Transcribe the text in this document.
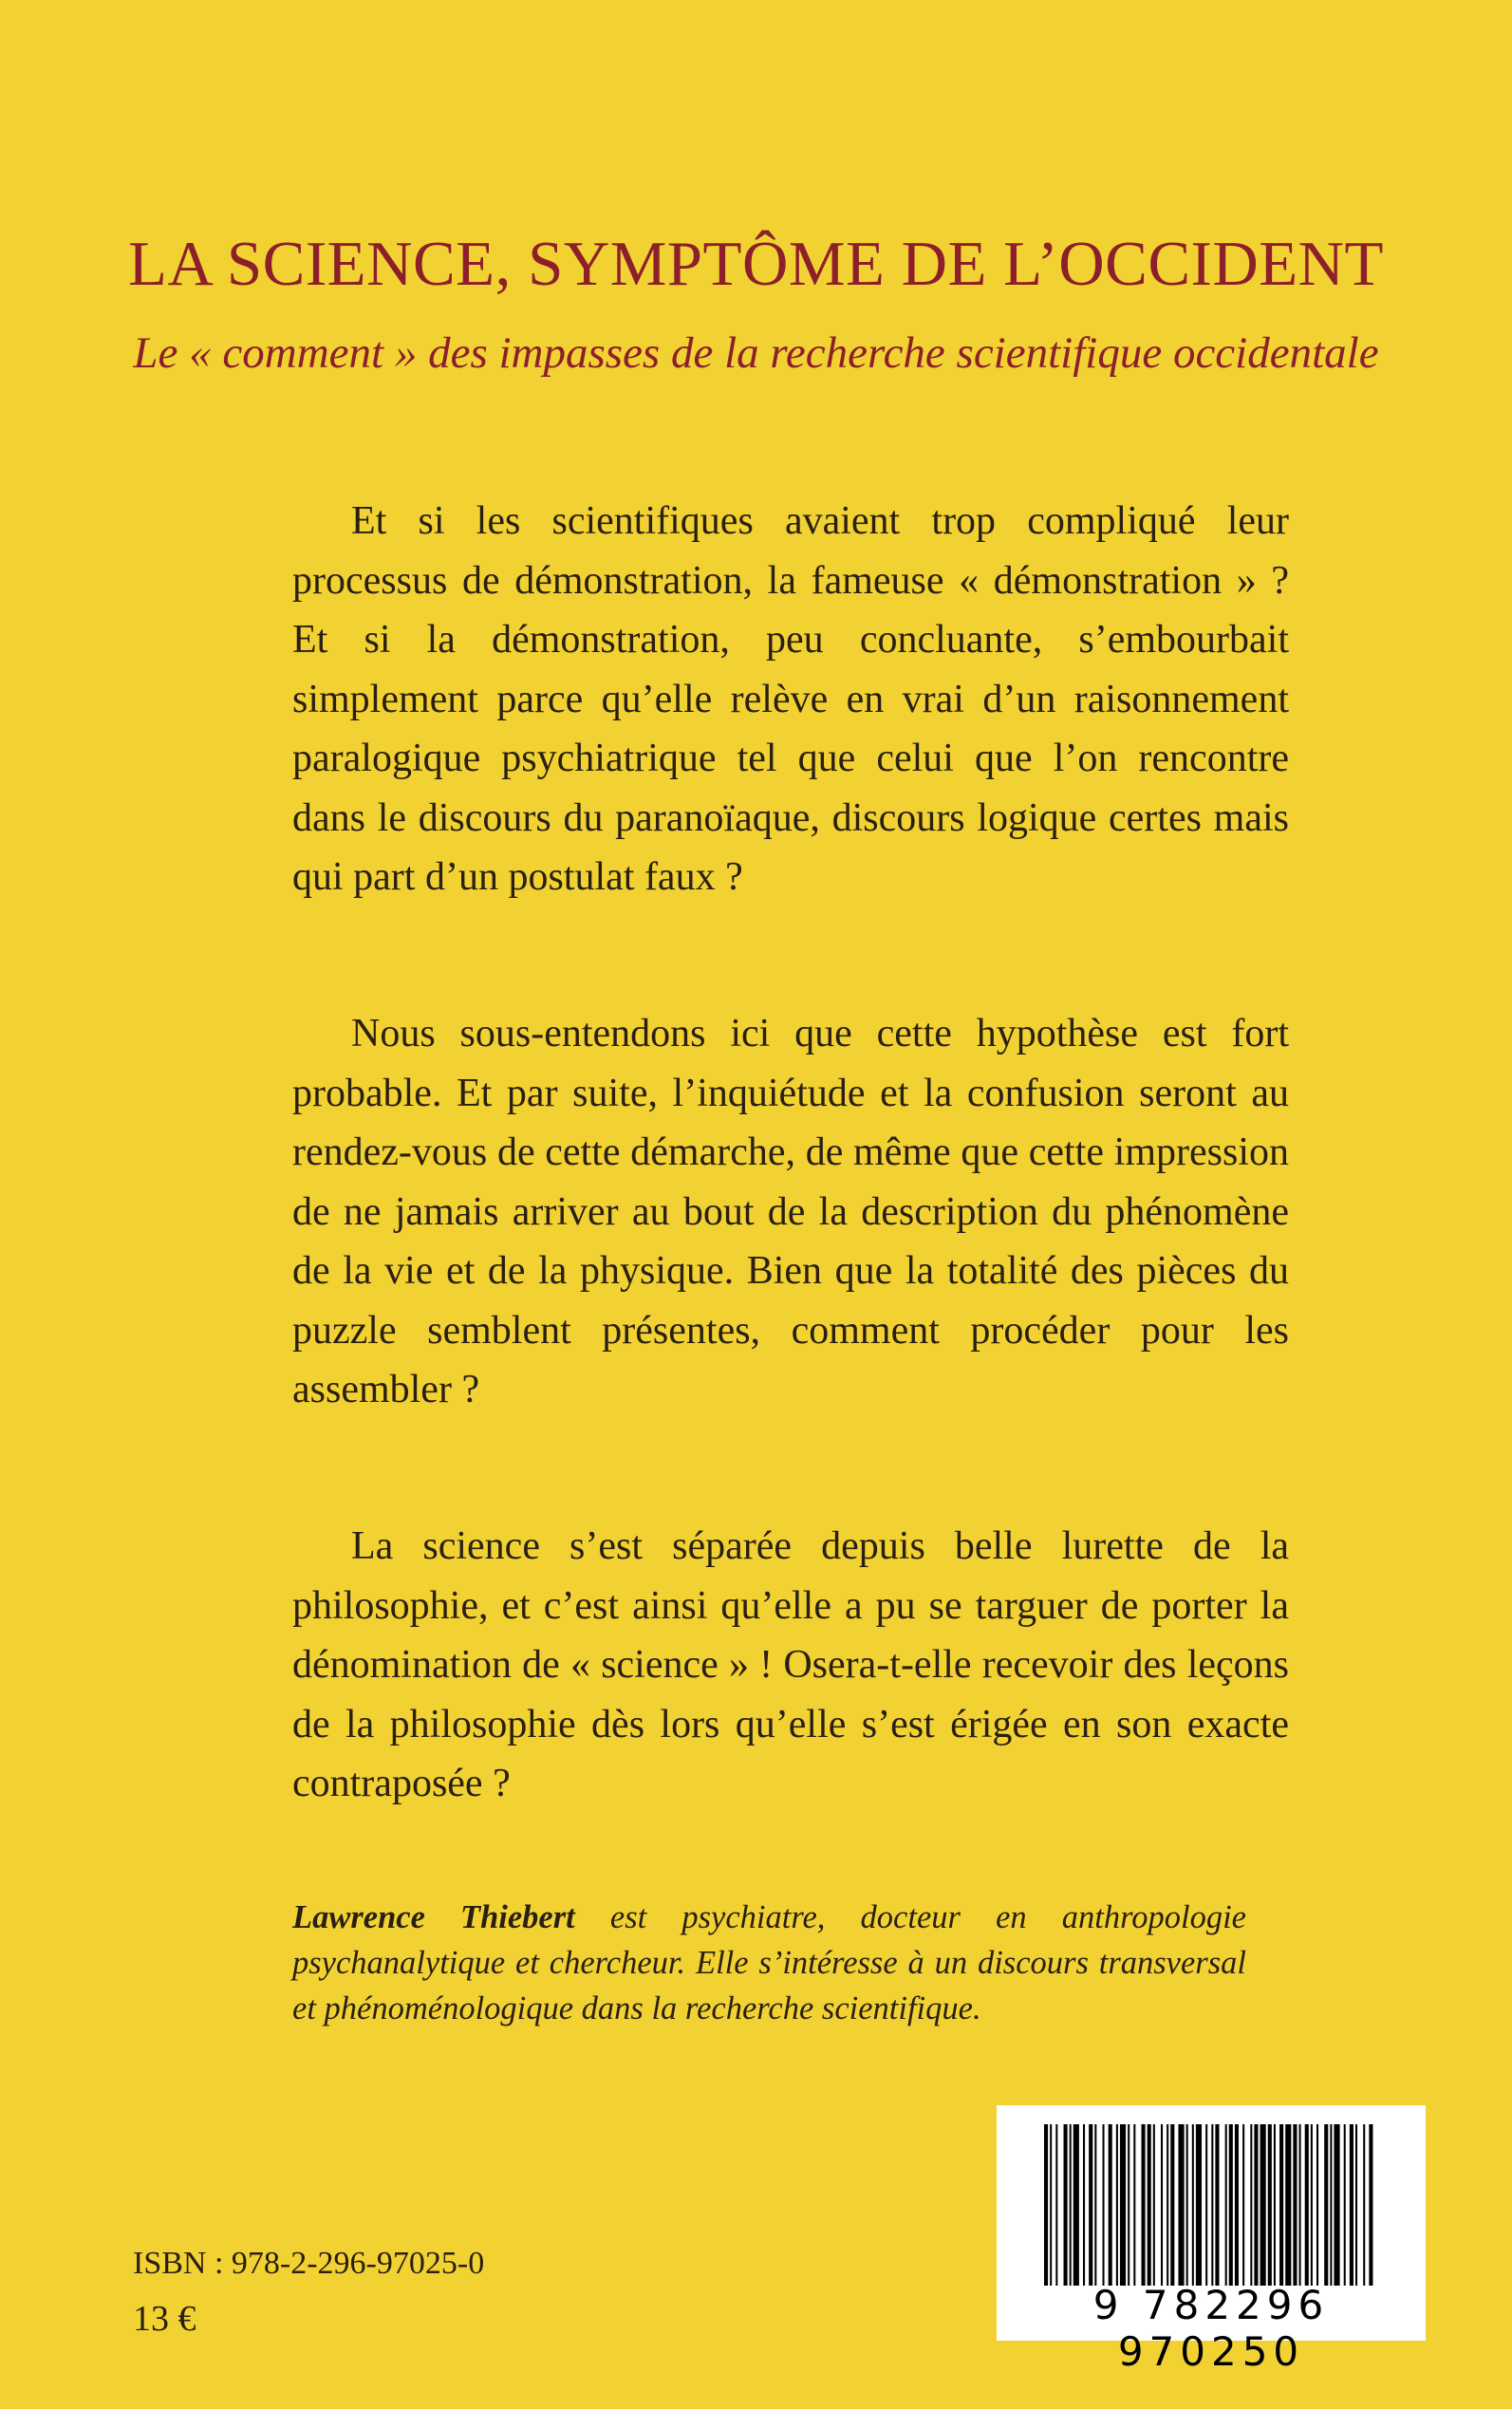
LA SCIENCE, SYMPTÔME DE L’OCCIDENT

Le « comment » des impasses de la recherche scientifique occidentale

Et si les scientifiques avaient trop compliqué leur processus de démonstration, la fameuse « démonstration » ? Et si la démonstration, peu concluante, s’embourbait simplement parce qu’elle relève en vrai d’un raisonnement paralogique psychiatrique tel que celui que l’on rencontre dans le discours du paranoïaque, discours logique certes mais qui part d’un postulat faux ?

Nous sous-entendons ici que cette hypothèse est fort probable. Et par suite, l’inquiétude et la confusion seront au rendez-vous de cette démarche, de même que cette impression de ne jamais arriver au bout de la description du phénomène de la vie et de la physique. Bien que la totalité des pièces du puzzle semblent présentes, comment procéder pour les assembler ?

La science s’est séparée depuis belle lurette de la philosophie, et c’est ainsi qu’elle a pu se targuer de porter la dénomination de « science » ! Osera-t-elle recevoir des leçons de la philosophie dès lors qu’elle s’est érigée en son exacte contraposée ?

Lawrence Thiebert est psychiatre, docteur en anthropologie psychanalytique et chercheur. Elle s’intéresse à un discours transversal et phénoménologique dans la recherche scientifique.

9 782296 970250

ISBN : 978-2-296-97025-0

13 €
